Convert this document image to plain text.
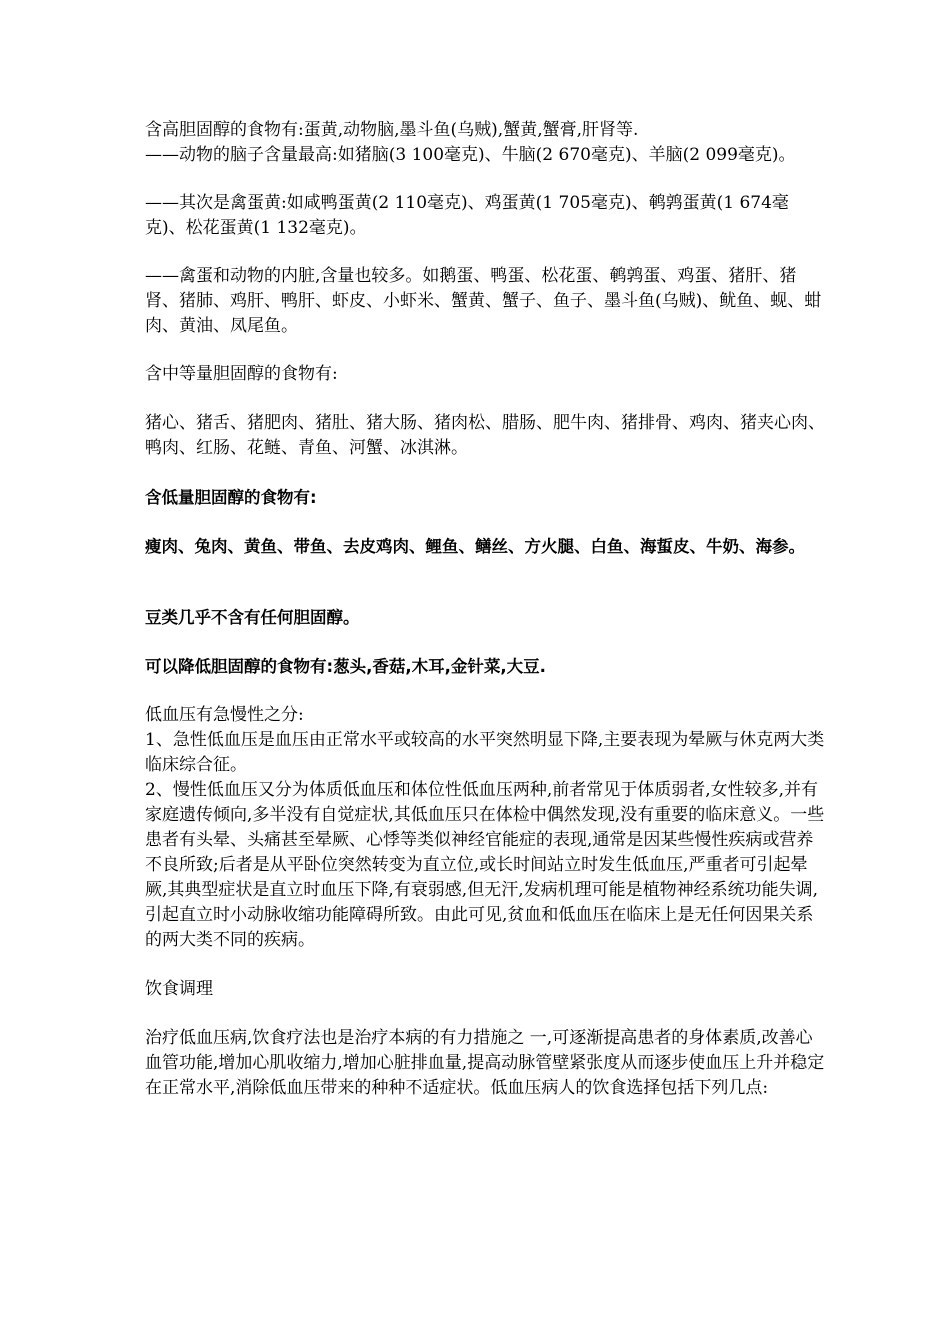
含高胆固醇的食物有:蛋黄,动物脑,墨斗鱼(乌贼),蟹黄,蟹膏,肝肾等.

——动物的脑子含量最高:如猪脑(3 100毫克)、牛脑(2 670毫克)、羊脑(2 099毫克)。

——其次是禽蛋黄:如咸鸭蛋黄(2 110毫克)、鸡蛋黄(1 705毫克)、鹌鹑蛋黄(1 674毫克)、松花蛋黄(1 132毫克)。

——禽蛋和动物的内脏,含量也较多。如鹅蛋、鸭蛋、松花蛋、鹌鹑蛋、鸡蛋、猪肝、猪肾、猪肺、鸡肝、鸭肝、虾皮、小虾米、蟹黄、蟹子、鱼子、墨斗鱼(乌贼)、鱿鱼、蚬、蚶肉、黄油、凤尾鱼。

含中等量胆固醇的食物有:

猪心、猪舌、猪肥肉、猪肚、猪大肠、猪肉松、腊肠、肥牛肉、猪排骨、鸡肉、猪夹心肉、鸭肉、红肠、花鲢、青鱼、河蟹、冰淇淋。

含低量胆固醇的食物有:

瘦肉、兔肉、黄鱼、带鱼、去皮鸡肉、鲤鱼、鳝丝、方火腿、白鱼、海蜇皮、牛奶、海参。

豆类几乎不含有任何胆固醇。

可以降低胆固醇的食物有:葱头,香菇,木耳,金针菜,大豆.

低血压有急慢性之分:

1、急性低血压是血压由正常水平或较高的水平突然明显下降,主要表现为晕厥与休克两大类临床综合征。

2、慢性低血压又分为体质低血压和体位性低血压两种,前者常见于体质弱者,女性较多,并有家庭遗传倾向,多半没有自觉症状,其低血压只在体检中偶然发现,没有重要的临床意义。一些患者有头晕、头痛甚至晕厥、心悸等类似神经官能症的表现,通常是因某些慢性疾病或营养不良所致;后者是从平卧位突然转变为直立位,或长时间站立时发生低血压,严重者可引起晕厥,其典型症状是直立时血压下降,有衰弱感,但无汗,发病机理可能是植物神经系统功能失调,引起直立时小动脉收缩功能障碍所致。由此可见,贫血和低血压在临床上是无任何因果关系的两大类不同的疾病。

饮食调理

治疗低血压病,饮食疗法也是治疗本病的有力措施之 一,可逐渐提高患者的身体素质,改善心血管功能,增加心肌收缩力,增加心脏排血量,提高动脉管壁紧张度从而逐步使血压上升并稳定在正常水平,消除低血压带来的种种不适症状。低血压病人的饮食选择包括下列几点:
